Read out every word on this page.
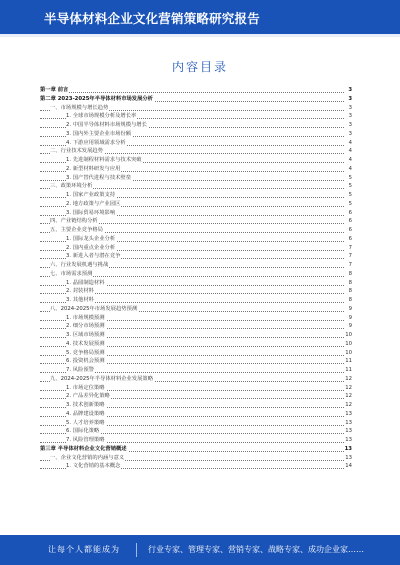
半导体材料企业文化营销策略研究报告
内容目录
第一章 前言	3
第二章 2023-2025年半导体材料市场发展分析	3
一、市场规模与增长趋势	3
1. 全球市场规模分析及增长率	3
2. 中国半导体材料市场规模与增长	3
3. 国内外主要企业市场份额	3
4. 下游应用领域需求分析	4
二、行业技术发展趋势	4
1. 先进制程材料需求与技术突破	4
2. 新型材料研发与应用	4
3. 国产替代进程与技术壁垒	5
三、政策环境分析	5
1. 国家产业政策支持	5
2. 地方政策与产业园区	5
3. 国际贸易环境影响	6
四、产业链结构分析	6
五、主要企业竞争格局	6
1. 国际龙头企业分析	6
2. 国内重点企业分析	7
3. 新进入者与潜在竞争	7
六、行业发展机遇与挑战	7
七、市场需求预测	8
1. 晶圆制造材料	8
2. 封装材料	8
3. 其他材料	8
八、2024-2025年市场发展趋势预测	9
1. 市场规模预测	9
2. 细分市场预测	9
3. 区域市场预测	10
4. 技术发展预测	10
5. 竞争格局预测	10
6. 投资机会预测	11
7. 风险预警	11
九、2024-2025年半导体材料企业发展策略	12
1. 市场定位策略	12
2. 产品差异化策略	12
3. 技术创新策略	12
4. 品牌建设策略	13
5. 人才培养策略	13
6. 国际化策略	13
7. 风险管理策略	13
第三章 半导体材料企业文化营销概述	13
一、企业文化营销的内涵与意义	13
1. 文化营销的基本概念	14
让每个人都能成为	行业专家、管理专家、营销专家、战略专家、成功企业家……
